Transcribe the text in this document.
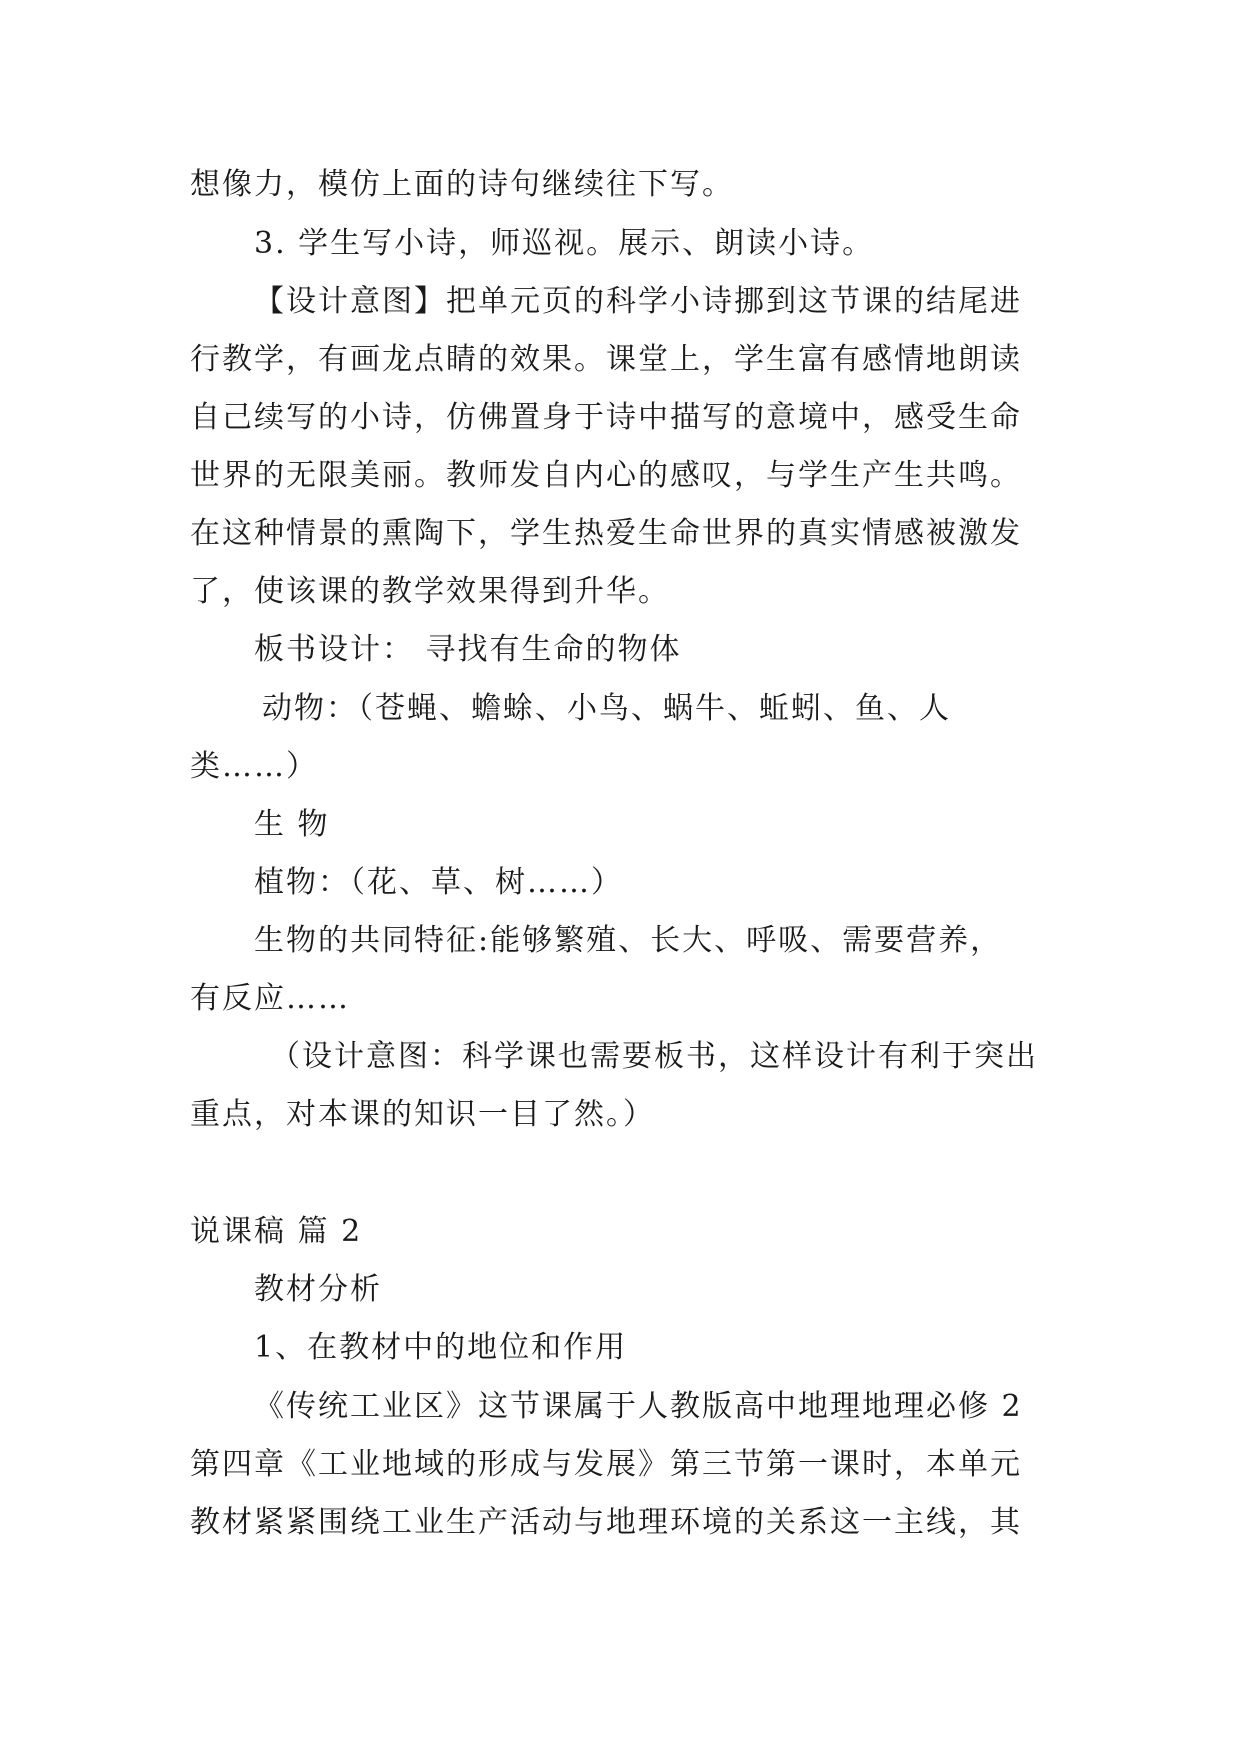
想像力，模仿上面的诗句继续往下写。

3. 学生写小诗，师巡视。展示、朗读小诗。

【设计意图】把单元页的科学小诗挪到这节课的结尾进

行教学，有画龙点睛的效果。课堂上，学生富有感情地朗读

自己续写的小诗，仿佛置身于诗中描写的意境中，感受生命

世界的无限美丽。教师发自内心的感叹，与学生产生共鸣。

在这种情景的熏陶下，学生热爱生命世界的真实情感被激发

了，使该课的教学效果得到升华。

板书设计： 寻找有生命的物体

动物：（苍蝇、蟾蜍、小鸟、蜗牛、蚯蚓、鱼、人

类……）

生 物

植物：（花、草、树……）

生物的共同特征:能够繁殖、长大、呼吸、需要营养，

有反应……

（设计意图：科学课也需要板书，这样设计有利于突出

重点，对本课的知识一目了然。）

说课稿 篇 2

教材分析

1、在教材中的地位和作用

《传统工业区》这节课属于人教版高中地理地理必修 2

第四章《工业地域的形成与发展》第三节第一课时，本单元

教材紧紧围绕工业生产活动与地理环境的关系这一主线，其
